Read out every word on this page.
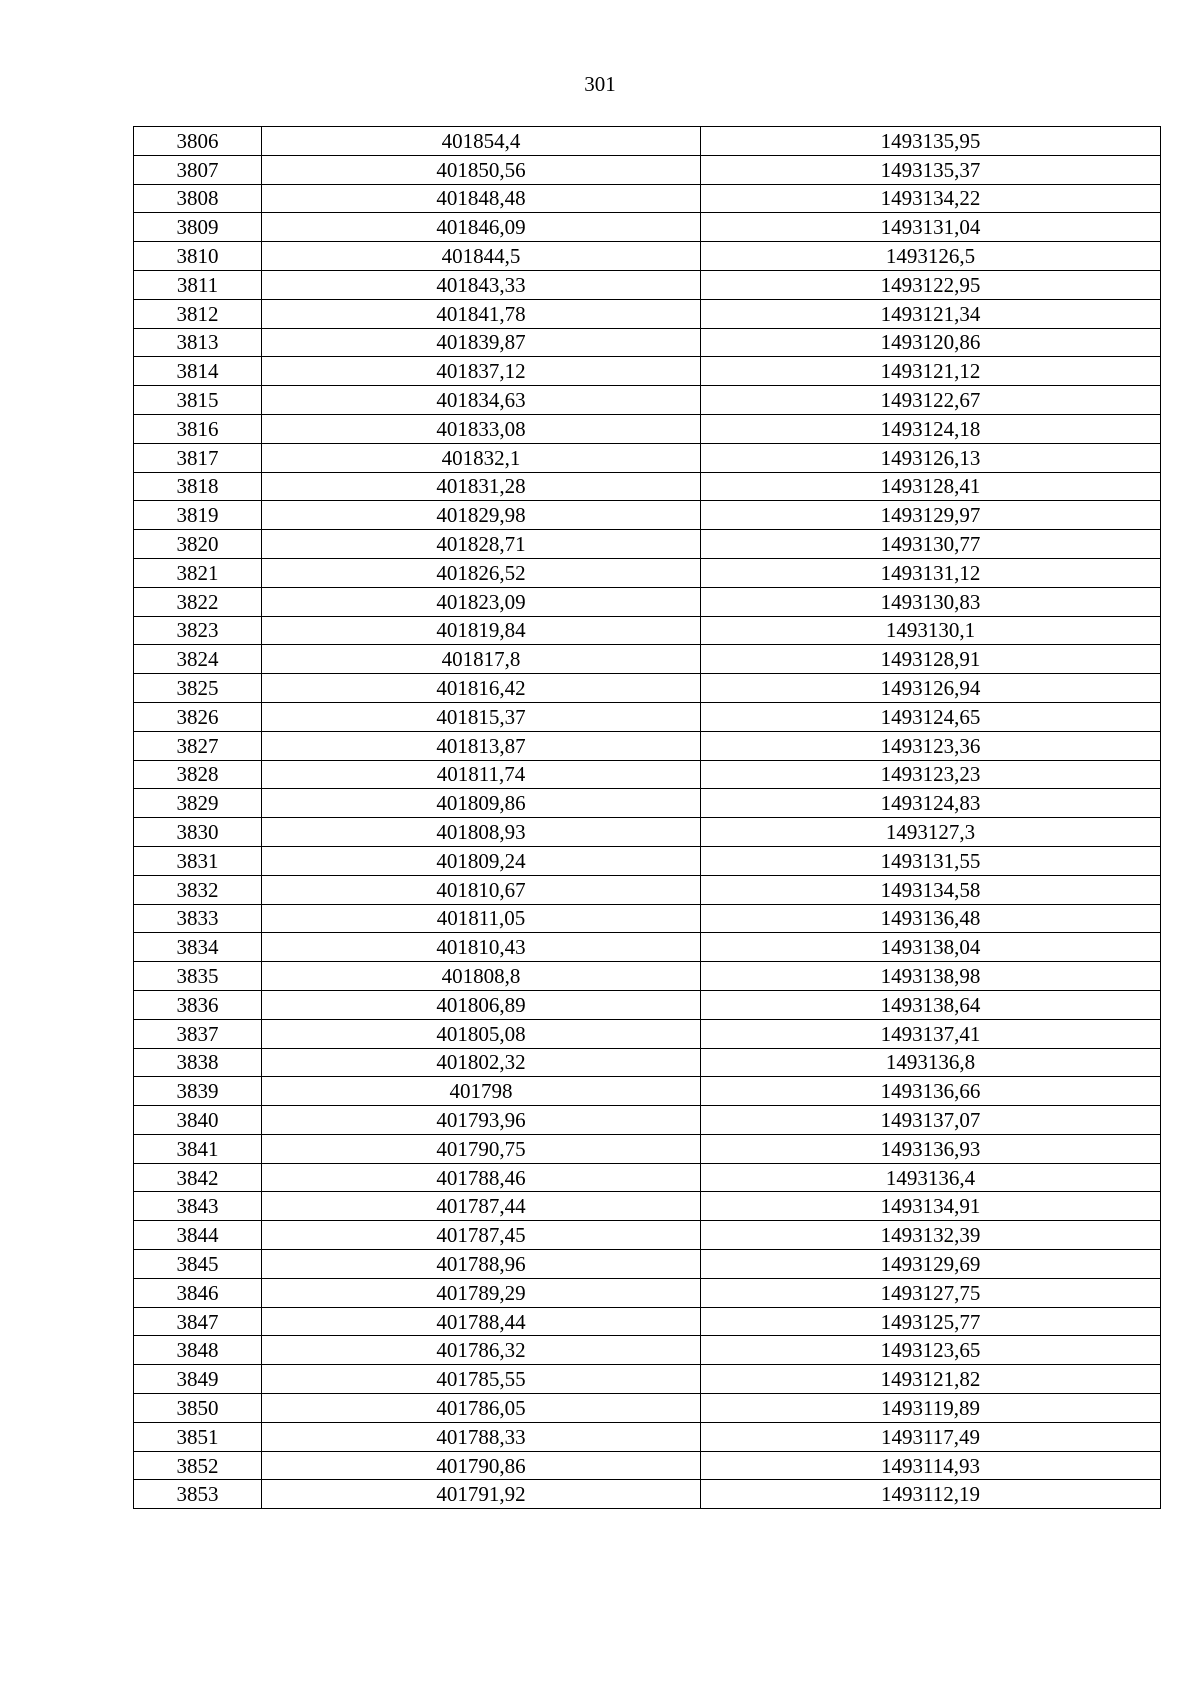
301
3806	401854,4	1493135,95
3807	401850,56	1493135,37
3808	401848,48	1493134,22
3809	401846,09	1493131,04
3810	401844,5	1493126,5
3811	401843,33	1493122,95
3812	401841,78	1493121,34
3813	401839,87	1493120,86
3814	401837,12	1493121,12
3815	401834,63	1493122,67
3816	401833,08	1493124,18
3817	401832,1	1493126,13
3818	401831,28	1493128,41
3819	401829,98	1493129,97
3820	401828,71	1493130,77
3821	401826,52	1493131,12
3822	401823,09	1493130,83
3823	401819,84	1493130,1
3824	401817,8	1493128,91
3825	401816,42	1493126,94
3826	401815,37	1493124,65
3827	401813,87	1493123,36
3828	401811,74	1493123,23
3829	401809,86	1493124,83
3830	401808,93	1493127,3
3831	401809,24	1493131,55
3832	401810,67	1493134,58
3833	401811,05	1493136,48
3834	401810,43	1493138,04
3835	401808,8	1493138,98
3836	401806,89	1493138,64
3837	401805,08	1493137,41
3838	401802,32	1493136,8
3839	401798	1493136,66
3840	401793,96	1493137,07
3841	401790,75	1493136,93
3842	401788,46	1493136,4
3843	401787,44	1493134,91
3844	401787,45	1493132,39
3845	401788,96	1493129,69
3846	401789,29	1493127,75
3847	401788,44	1493125,77
3848	401786,32	1493123,65
3849	401785,55	1493121,82
3850	401786,05	1493119,89
3851	401788,33	1493117,49
3852	401790,86	1493114,93
3853	401791,92	1493112,19
